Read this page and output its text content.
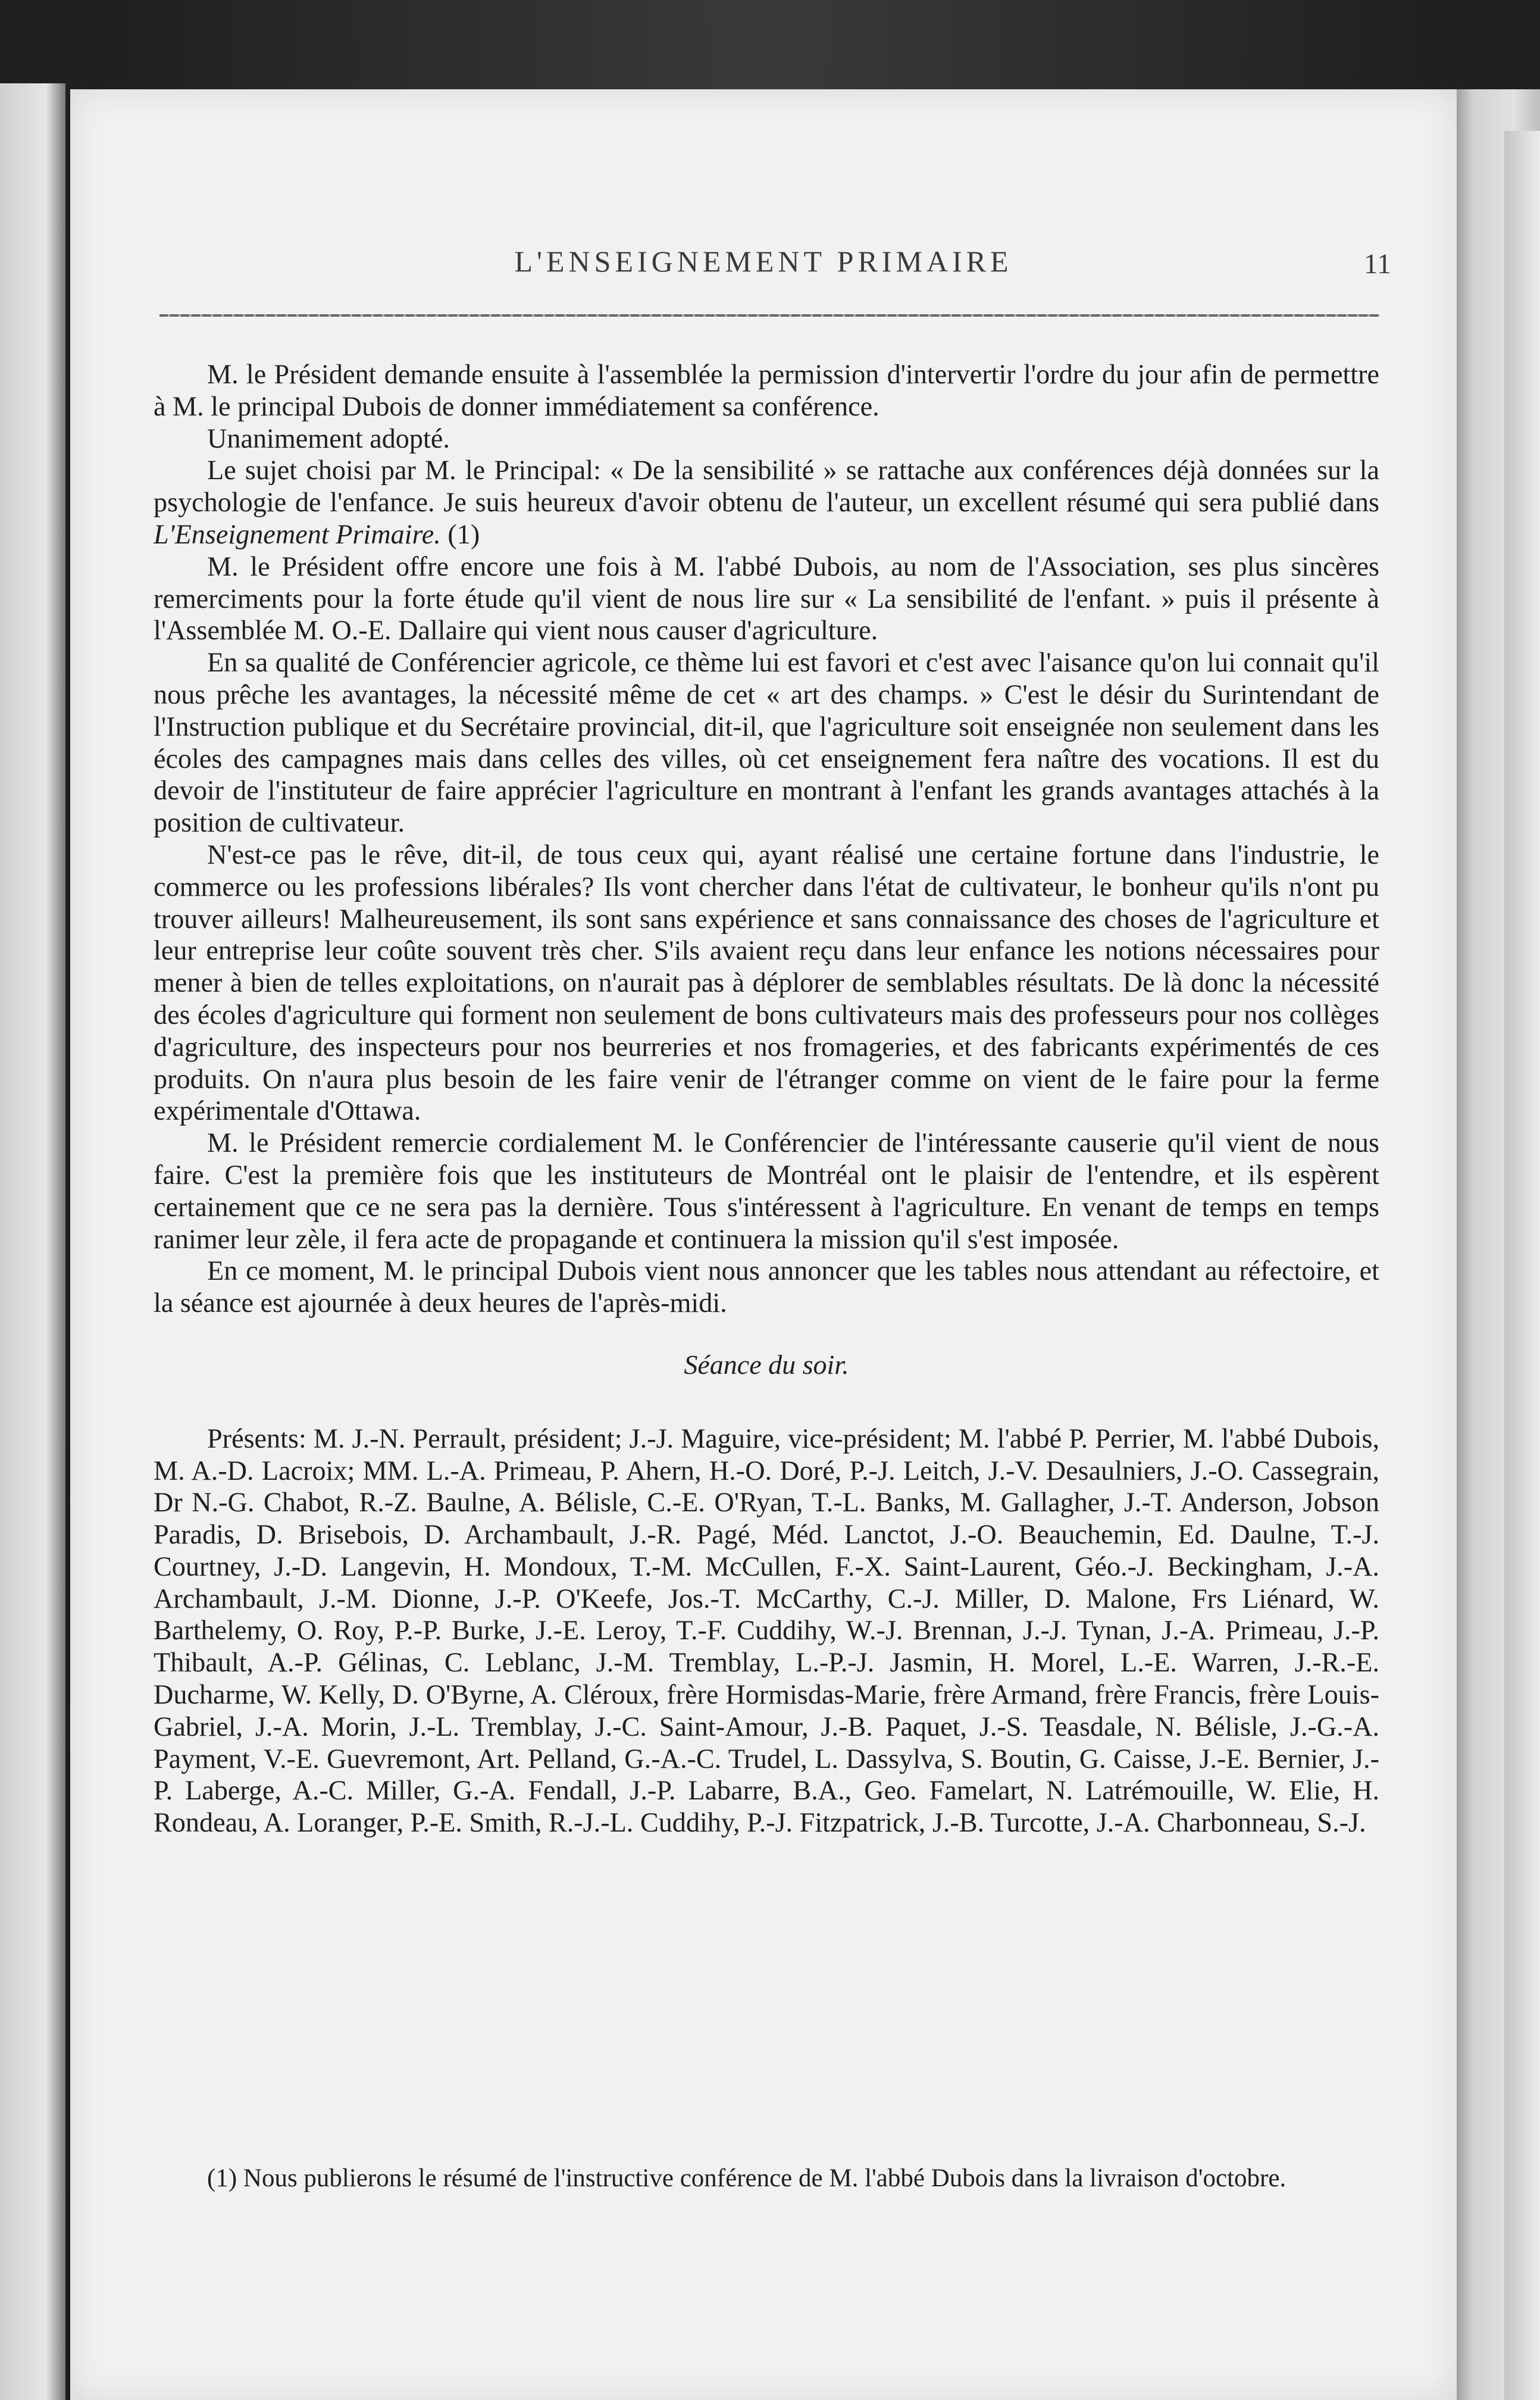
L'ENSEIGNEMENT PRIMAIRE	11

M. le Président demande ensuite à l'assemblée la permission d'intervertir l'ordre du jour afin de permettre à M. le principal Dubois de donner immédiatement sa conférence.

Unanimement adopté.

Le sujet choisi par M. le Principal: « De la sensibilité » se rattache aux conférences déjà données sur la psychologie de l'enfance. Je suis heureux d'avoir obtenu de l'auteur, un excellent résumé qui sera publié dans L'Enseignement Primaire. (1)

M. le Président offre encore une fois à M. l'abbé Dubois, au nom de l'Association, ses plus sincères remerciments pour la forte étude qu'il vient de nous lire sur « La sensibilité de l'enfant. » puis il présente à l'Assemblée M. O.-E. Dallaire qui vient nous causer d'agriculture.

En sa qualité de Conférencier agricole, ce thème lui est favori et c'est avec l'aisance qu'on lui connait qu'il nous prêche les avantages, la nécessité même de cet « art des champs. » C'est le désir du Surintendant de l'Instruction publique et du Secrétaire provincial, dit-il, que l'agriculture soit enseignée non seulement dans les écoles des campagnes mais dans celles des villes, où cet enseignement fera naître des vocations. Il est du devoir de l'instituteur de faire apprécier l'agriculture en montrant à l'enfant les grands avantages attachés à la position de cultivateur.

N'est-ce pas le rêve, dit-il, de tous ceux qui, ayant réalisé une certaine fortune dans l'industrie, le commerce ou les professions libérales? Ils vont chercher dans l'état de cultivateur, le bonheur qu'ils n'ont pu trouver ailleurs! Malheureusement, ils sont sans expérience et sans connaissance des choses de l'agriculture et leur entreprise leur coûte souvent très cher. S'ils avaient reçu dans leur enfance les notions nécessaires pour mener à bien de telles exploitations, on n'aurait pas à déplorer de semblables résultats. De là donc la nécessité des écoles d'agriculture qui forment non seulement de bons cultivateurs mais des professeurs pour nos collèges d'agriculture, des inspecteurs pour nos beurreries et nos fromageries, et des fabricants expérimentés de ces produits. On n'aura plus besoin de les faire venir de l'étranger comme on vient de le faire pour la ferme expérimentale d'Ottawa.

M. le Président remercie cordialement M. le Conférencier de l'intéressante causerie qu'il vient de nous faire. C'est la première fois que les instituteurs de Montréal ont le plaisir de l'entendre, et ils espèrent certainement que ce ne sera pas la dernière. Tous s'intéressent à l'agriculture. En venant de temps en temps ranimer leur zèle, il fera acte de propagande et continuera la mission qu'il s'est imposée.

En ce moment, M. le principal Dubois vient nous annoncer que les tables nous attendant au réfectoire, et la séance est ajournée à deux heures de l'après-midi.

Séance du soir.

Présents: M. J.-N. Perrault, président; J.-J. Maguire, vice-président; M. l'abbé P. Perrier, M. l'abbé Dubois, M. A.-D. Lacroix; MM. L.-A. Primeau, P. Ahern, H.-O. Doré, P.-J. Leitch, J.-V. Desaulniers, J.-O. Cassegrain, Dr N.-G. Chabot, R.-Z. Baulne, A. Bélisle, C.-E. O'Ryan, T.-L. Banks, M. Gallagher, J.-T. Anderson, Jobson Paradis, D. Brisebois, D. Archambault, J.-R. Pagé, Méd. Lanctot, J.-O. Beauchemin, Ed. Daulne, T.-J. Courtney, J.-D. Langevin, H. Mondoux, T.-M. McCullen, F.-X. Saint-Laurent, Géo.-J. Beckingham, J.-A. Archambault, J.-M. Dionne, J.-P. O'Keefe, Jos.-T. McCarthy, C.-J. Miller, D. Malone, Frs Liénard, W. Barthelemy, O. Roy, P.-P. Burke, J.-E. Leroy, T.-F. Cuddihy, W.-J. Brennan, J.-J. Tynan, J.-A. Primeau, J.-P. Thibault, A.-P. Gélinas, C. Leblanc, J.-M. Tremblay, L.-P.-J. Jasmin, H. Morel, L.-E. Warren, J.-R.-E. Ducharme, W. Kelly, D. O'Byrne, A. Cléroux, frère Hormisdas-Marie, frère Armand, frère Francis, frère Louis-Gabriel, J.-A. Morin, J.-L. Tremblay, J.-C. Saint-Amour, J.-B. Paquet, J.-S. Teasdale, N. Bélisle, J.-G.-A. Payment, V.-E. Guevremont, Art. Pelland, G.-A.-C. Trudel, L. Dassylva, S. Boutin, G. Caisse, J.-E. Bernier, J.-P. Laberge, A.-C. Miller, G.-A. Fendall, J.-P. Labarre, B.A., Geo. Famelart, N. Latrémouille, W. Elie, H. Rondeau, A. Loranger, P.-E. Smith, R.-J.-L. Cuddihy, P.-J. Fitzpatrick, J.-B. Turcotte, J.-A. Charbonneau, S.-J.

(1) Nous publierons le résumé de l'instructive conférence de M. l'abbé Dubois dans la livraison d'octobre.
